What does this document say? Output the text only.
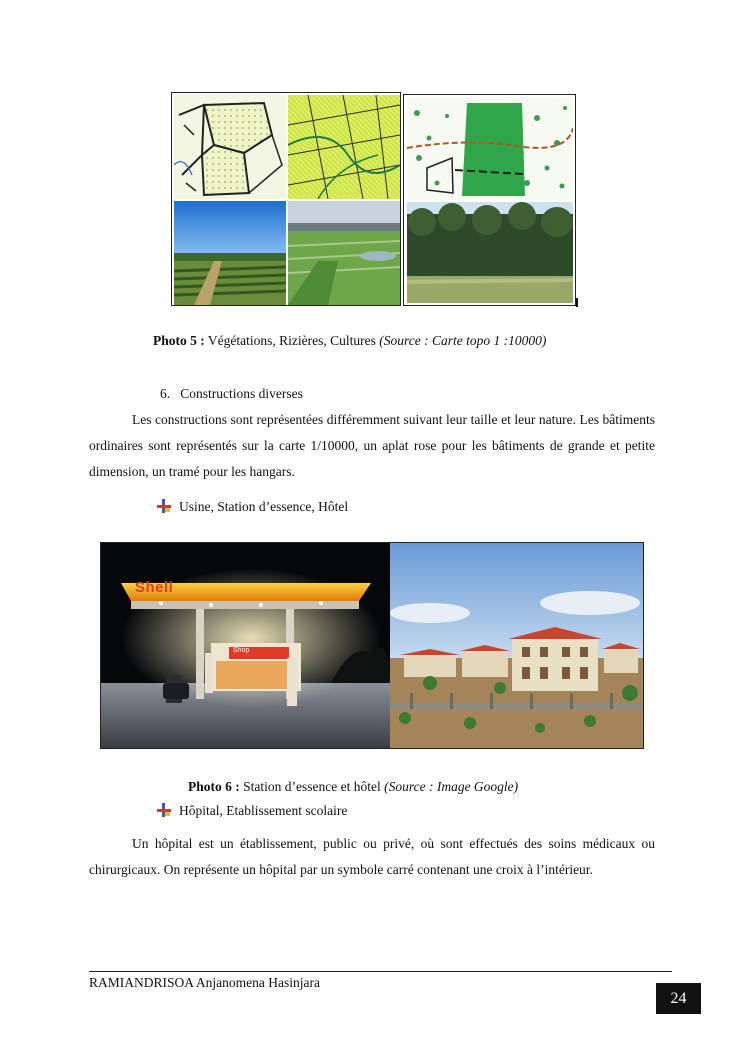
Photo 5 : Végétations, Rizières, Cultures (Source : Carte topo 1 :10000)
6.   Constructions diverses
Les constructions sont représentées différemment suivant leur taille et leur nature. Les bâtiments ordinaires sont représentés sur la carte 1/10000, un aplat rose pour les bâtiments de grande et petite dimension, un tramé pour les hangars.
Usine, Station d’essence, Hôtel
Shell
Shop
Photo 6 : Station d’essence et hôtel (Source : Image Google)
Hôpital, Etablissement scolaire
Un hôpital est un établissement, public ou privé, où sont effectués des soins médicaux ou chirurgicaux. On représente un hôpital par un symbole carré contenant une croix à l’intérieur.
RAMIANDRISOA Anjanomena Hasinjara
24
